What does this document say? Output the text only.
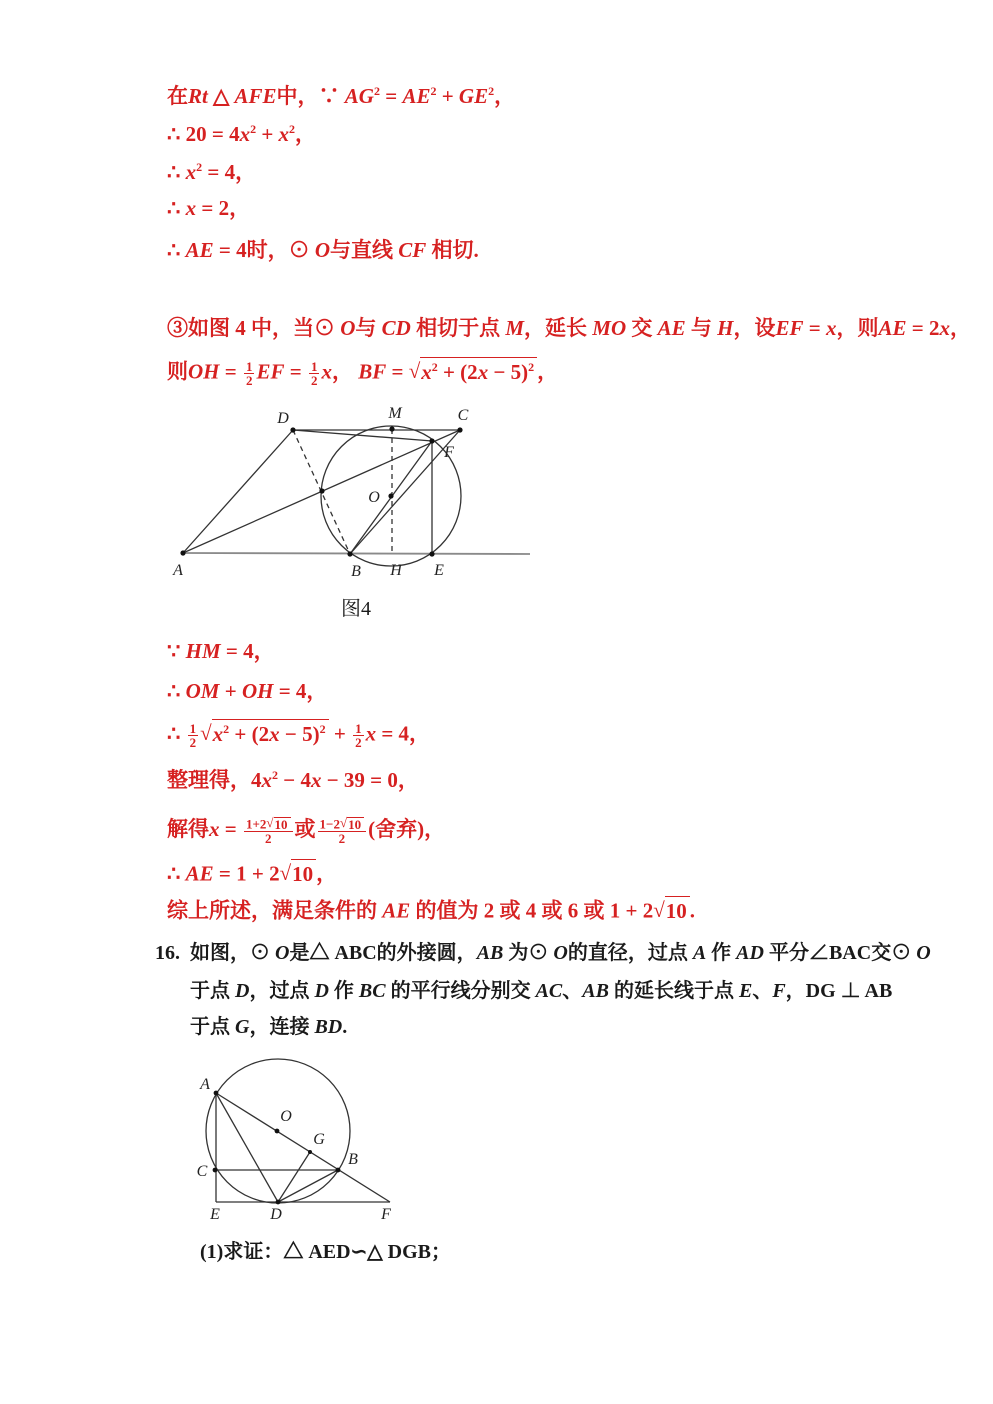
在Rt △ AFE中，∵ $AG^2 = AE^2 + GE^2$，
∴ $20 = 4x^2 + x^2$，
∴ $x^2 = 4$，
∴ x = 2，
∴ AE = 4时，⊙ O与直线 CF 相切.
③如图 4 中，当⊙ O与 CD 相切于点 M，延长 MO 交 AE 与 H，设EF = x，则AE = 2x，
则OH = $\frac{1}{2}$ EF = $\frac{1}{2}$ x， BF = √ $x^2 + (2x - 5)^2$ ，
D	M	C
F
O
A	B H E
图4
∵ HM = 4，
∴ OM + OH = 4，
∴ $\frac{1}{2}$ √ $x^2 + (2x - 5)^2 + \frac{1}{2}$ x = 4，
整理得，$4x^2 - 4x - 39 = 0$，
解得$x = \frac{1+2 √ 10}{2}$ 或 $\frac{1-2 √ 10}{2}$ (舍弃)，
∴ AE = 1 + 2 √ 10 ，
综上所述，满足条件的 AE 的值为 2 或 4 或 6 或 1 + 2 √ 10 .
16. 如图，⊙ O是△ ABC的外接圆，AB 为⊙ O的直径，过点 A 作 AD 平分∠BAC交⊙ O
于点 D，过点 D 作 BC 的平行线分别交 AC、AB 的延长线于点 E、F，DG ⊥ AB
于点 G，连接 BD.
A
O
G
B
C
E	D	F
(1)求证：△ AED∽△ DGB；
